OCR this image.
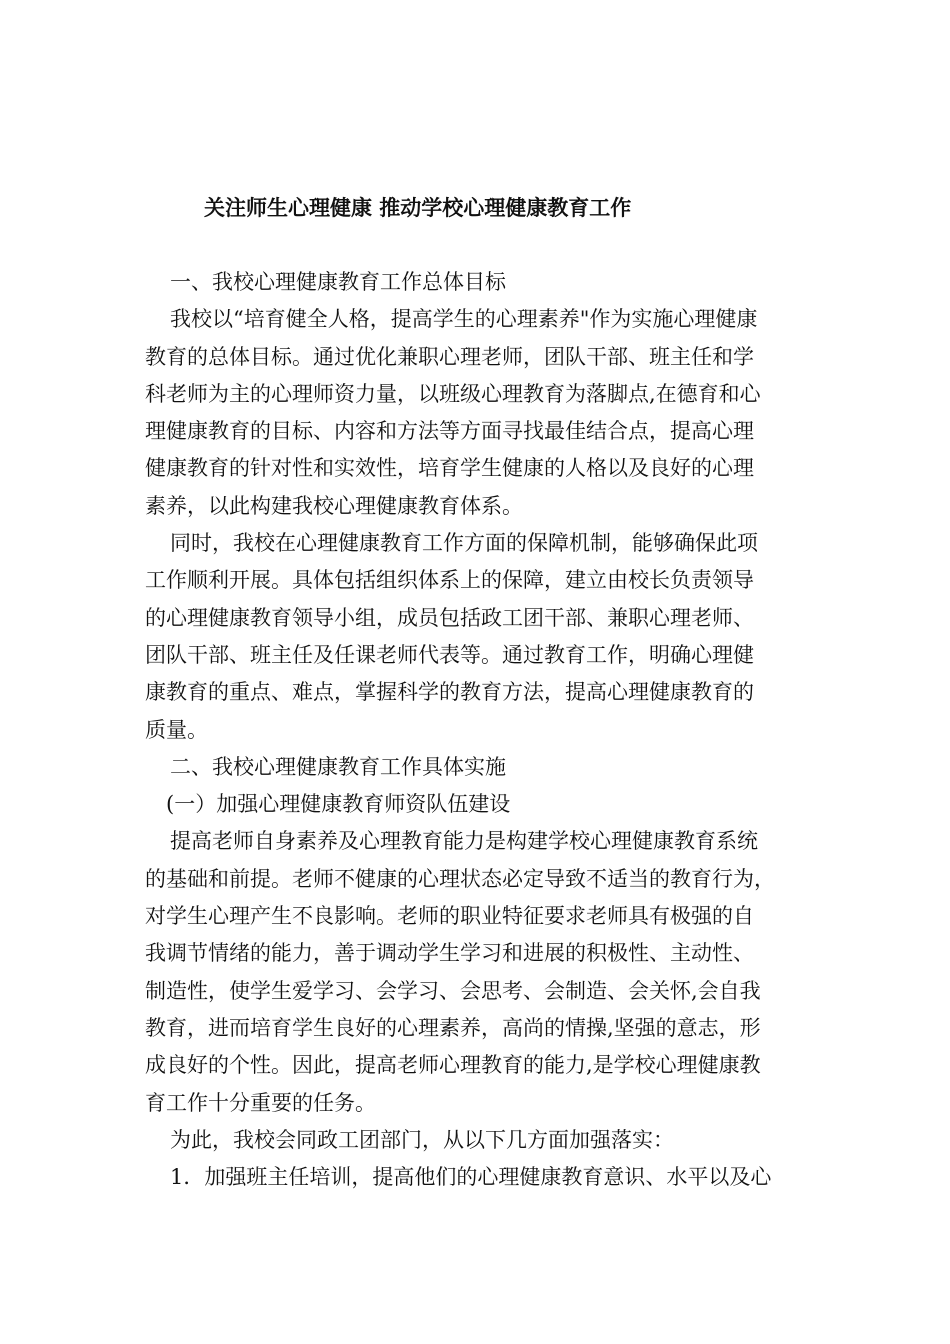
关注师生心理健康 推动学校心理健康教育工作
一、我校心理健康教育工作总体目标
我校以“培育健全人格，提高学生的心理素养"作为实施心理健康
教育的总体目标。通过优化兼职心理老师，团队干部、班主任和学
科老师为主的心理师资力量，以班级心理教育为落脚点,在德育和心
理健康教育的目标、内容和方法等方面寻找最佳结合点，提高心理
健康教育的针对性和实效性，培育学生健康的人格以及良好的心理
素养，以此构建我校心理健康教育体系。
同时，我校在心理健康教育工作方面的保障机制，能够确保此项
工作顺利开展。具体包括组织体系上的保障，建立由校长负责领导
的心理健康教育领导小组，成员包括政工团干部、兼职心理老师、
团队干部、班主任及任课老师代表等。通过教育工作，明确心理健
康教育的重点、难点，掌握科学的教育方法，提高心理健康教育的
质量。
二、我校心理健康教育工作具体实施
(一）加强心理健康教育师资队伍建设
提高老师自身素养及心理教育能力是构建学校心理健康教育系统
的基础和前提。老师不健康的心理状态必定导致不适当的教育行为，
对学生心理产生不良影响。老师的职业特征要求老师具有极强的自
我调节情绪的能力，善于调动学生学习和进展的积极性、主动性、
制造性，使学生爱学习、会学习、会思考、会制造、会关怀,会自我
教育，进而培育学生良好的心理素养，高尚的情操,坚强的意志，形
成良好的个性。因此，提高老师心理教育的能力,是学校心理健康教
育工作十分重要的任务。
为此，我校会同政工团部门，从以下几方面加强落实：
1．加强班主任培训，提高他们的心理健康教育意识、水平以及心
